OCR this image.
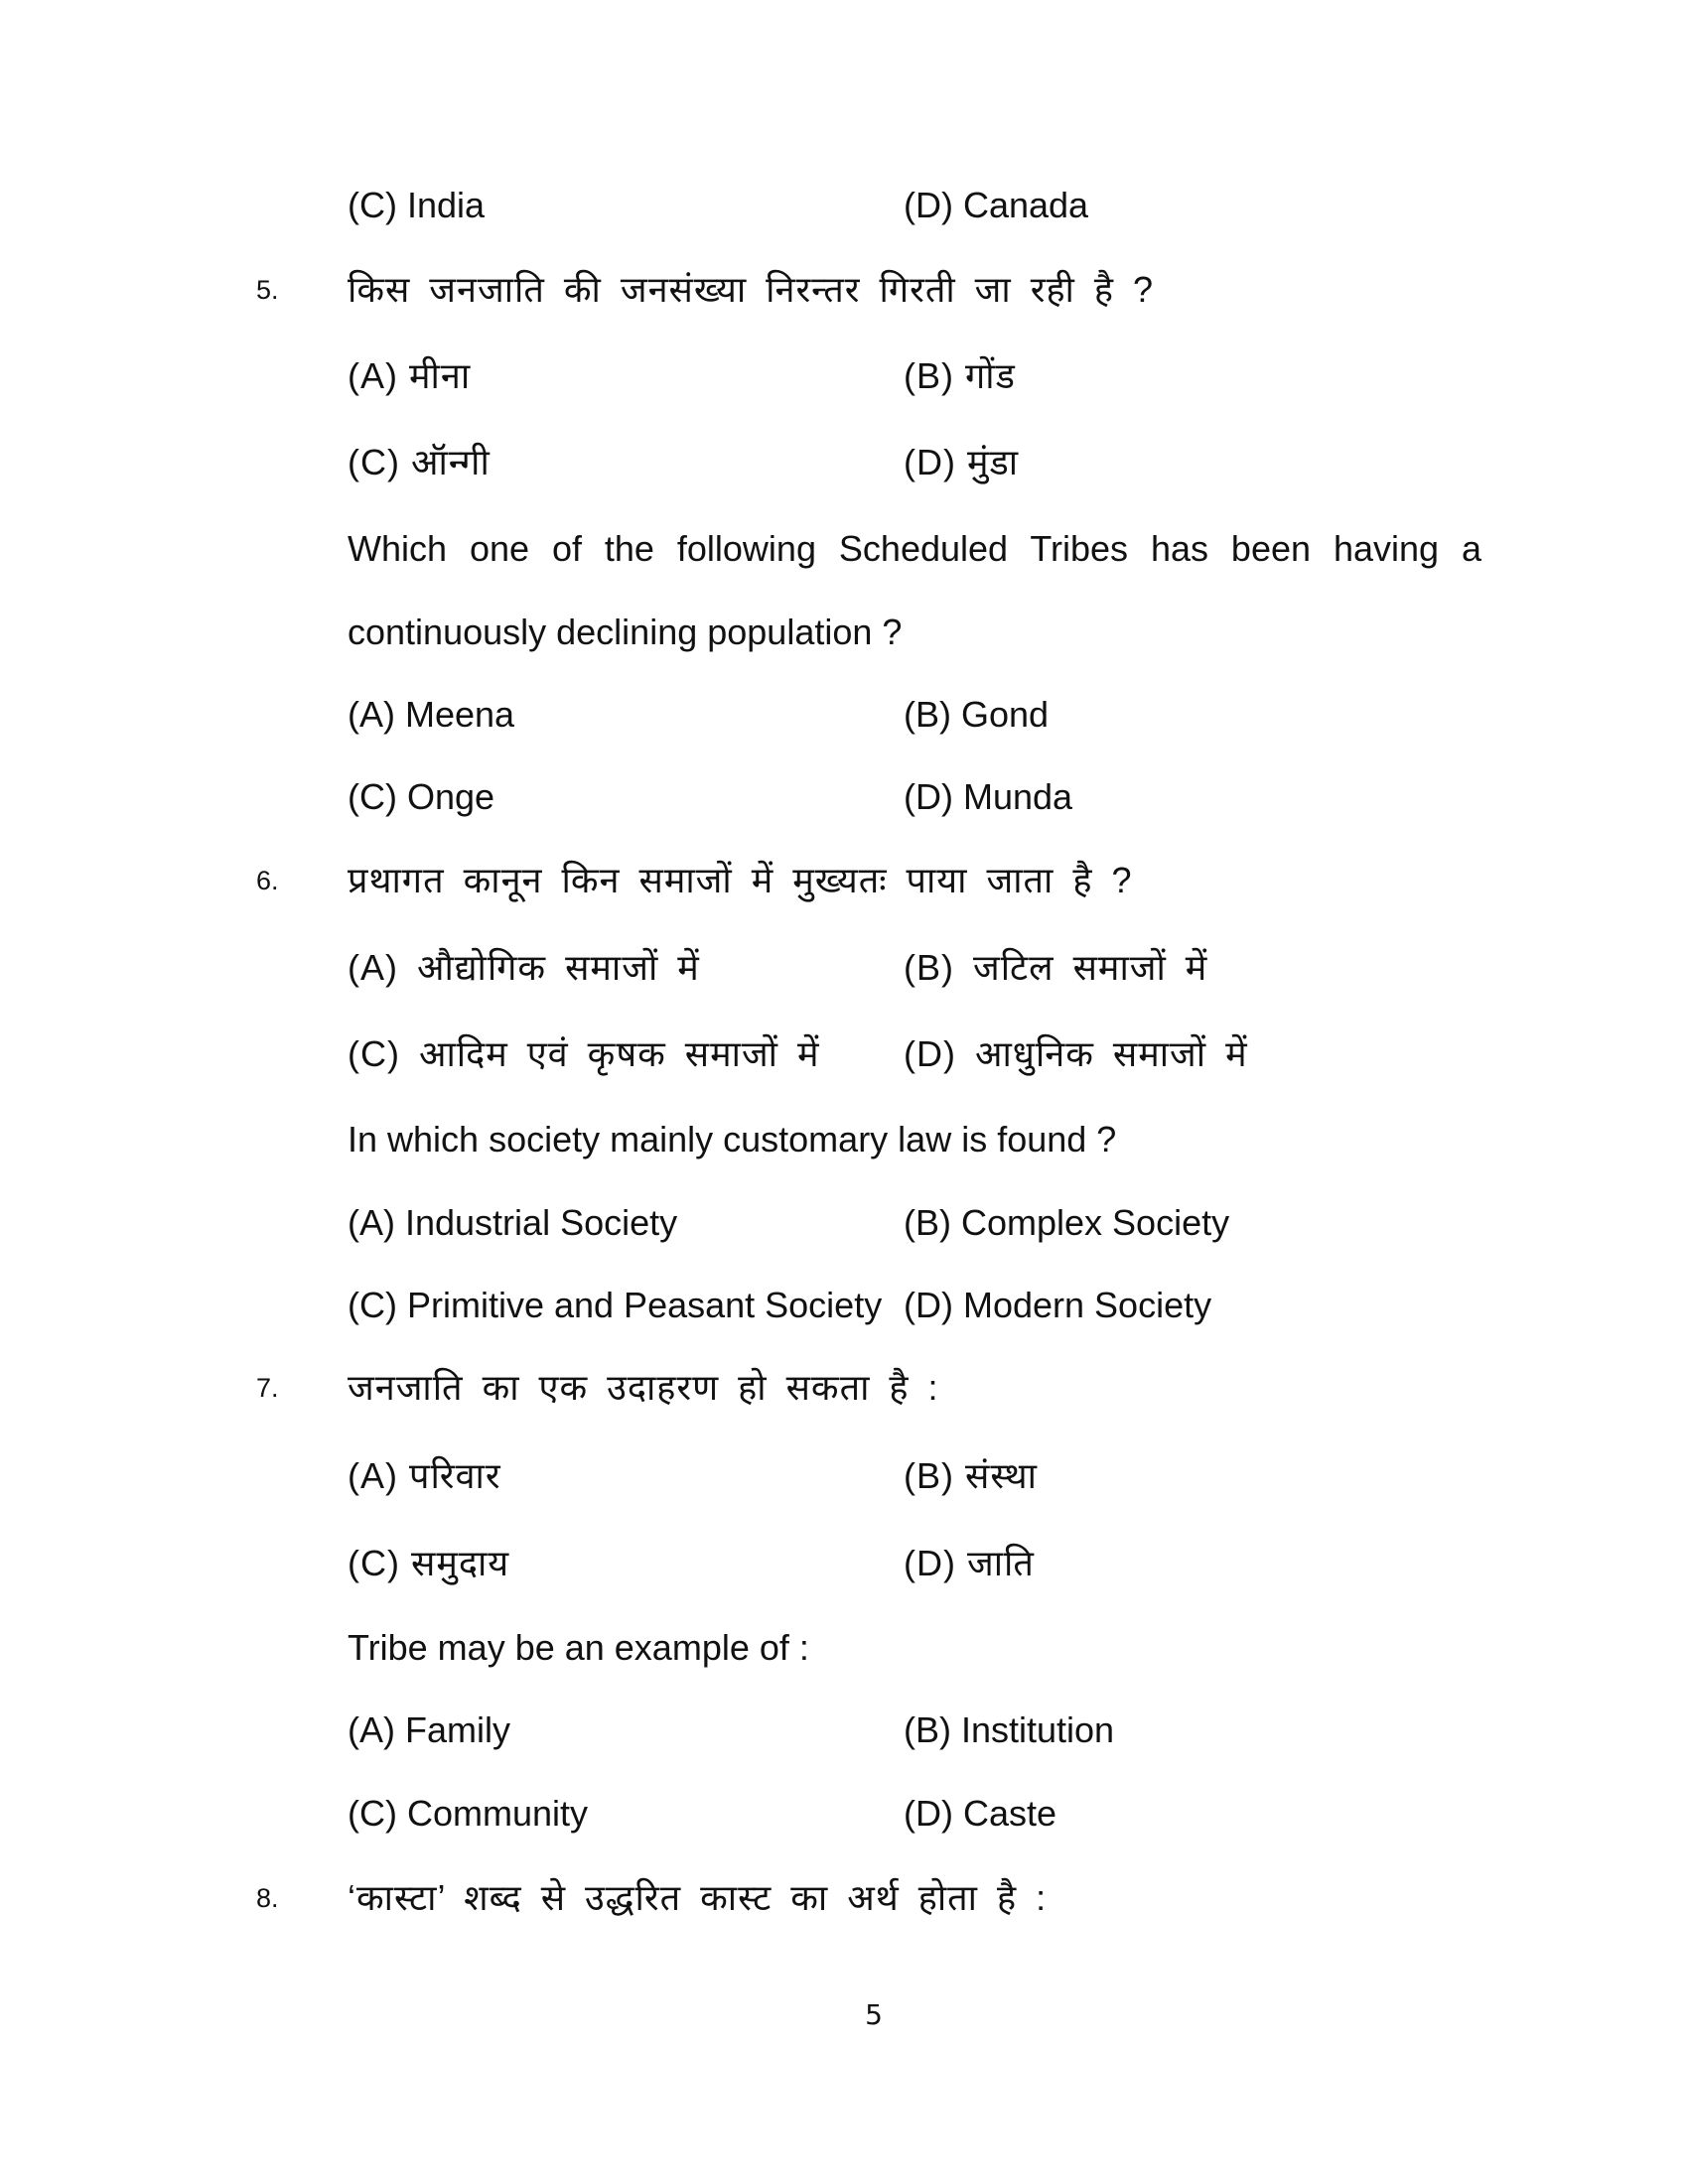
(C) India	(D) Canada
5. किस जनजाति की जनसंख्या निरन्तर गिरती जा रही है ?
(A) मीना	(B) गोंड
(C) ऑन्गी	(D) मुंडा
Which one of the following Scheduled Tribes has been having a
continuously declining population ?
(A) Meena	(B) Gond
(C) Onge	(D) Munda
6. प्रथागत कानून किन समाजों में मुख्यतः पाया जाता है ?
(A) औद्योगिक समाजों में	(B) जटिल समाजों में
(C) आदिम एवं कृषक समाजों में (D) आधुनिक समाजों में
In which society mainly customary law is found ?
(A) Industrial Society	(B) Complex Society
(C) Primitive and Peasant Society (D) Modern Society
7. जनजाति का एक उदाहरण हो सकता है :
(A) परिवार	(B) संस्था
(C) समुदाय	(D) जाति
Tribe may be an example of :
(A) Family	(B) Institution
(C) Community	(D) Caste
8. ‘कास्टा’ शब्द से उद्धरित कास्ट का अर्थ होता है :
5
